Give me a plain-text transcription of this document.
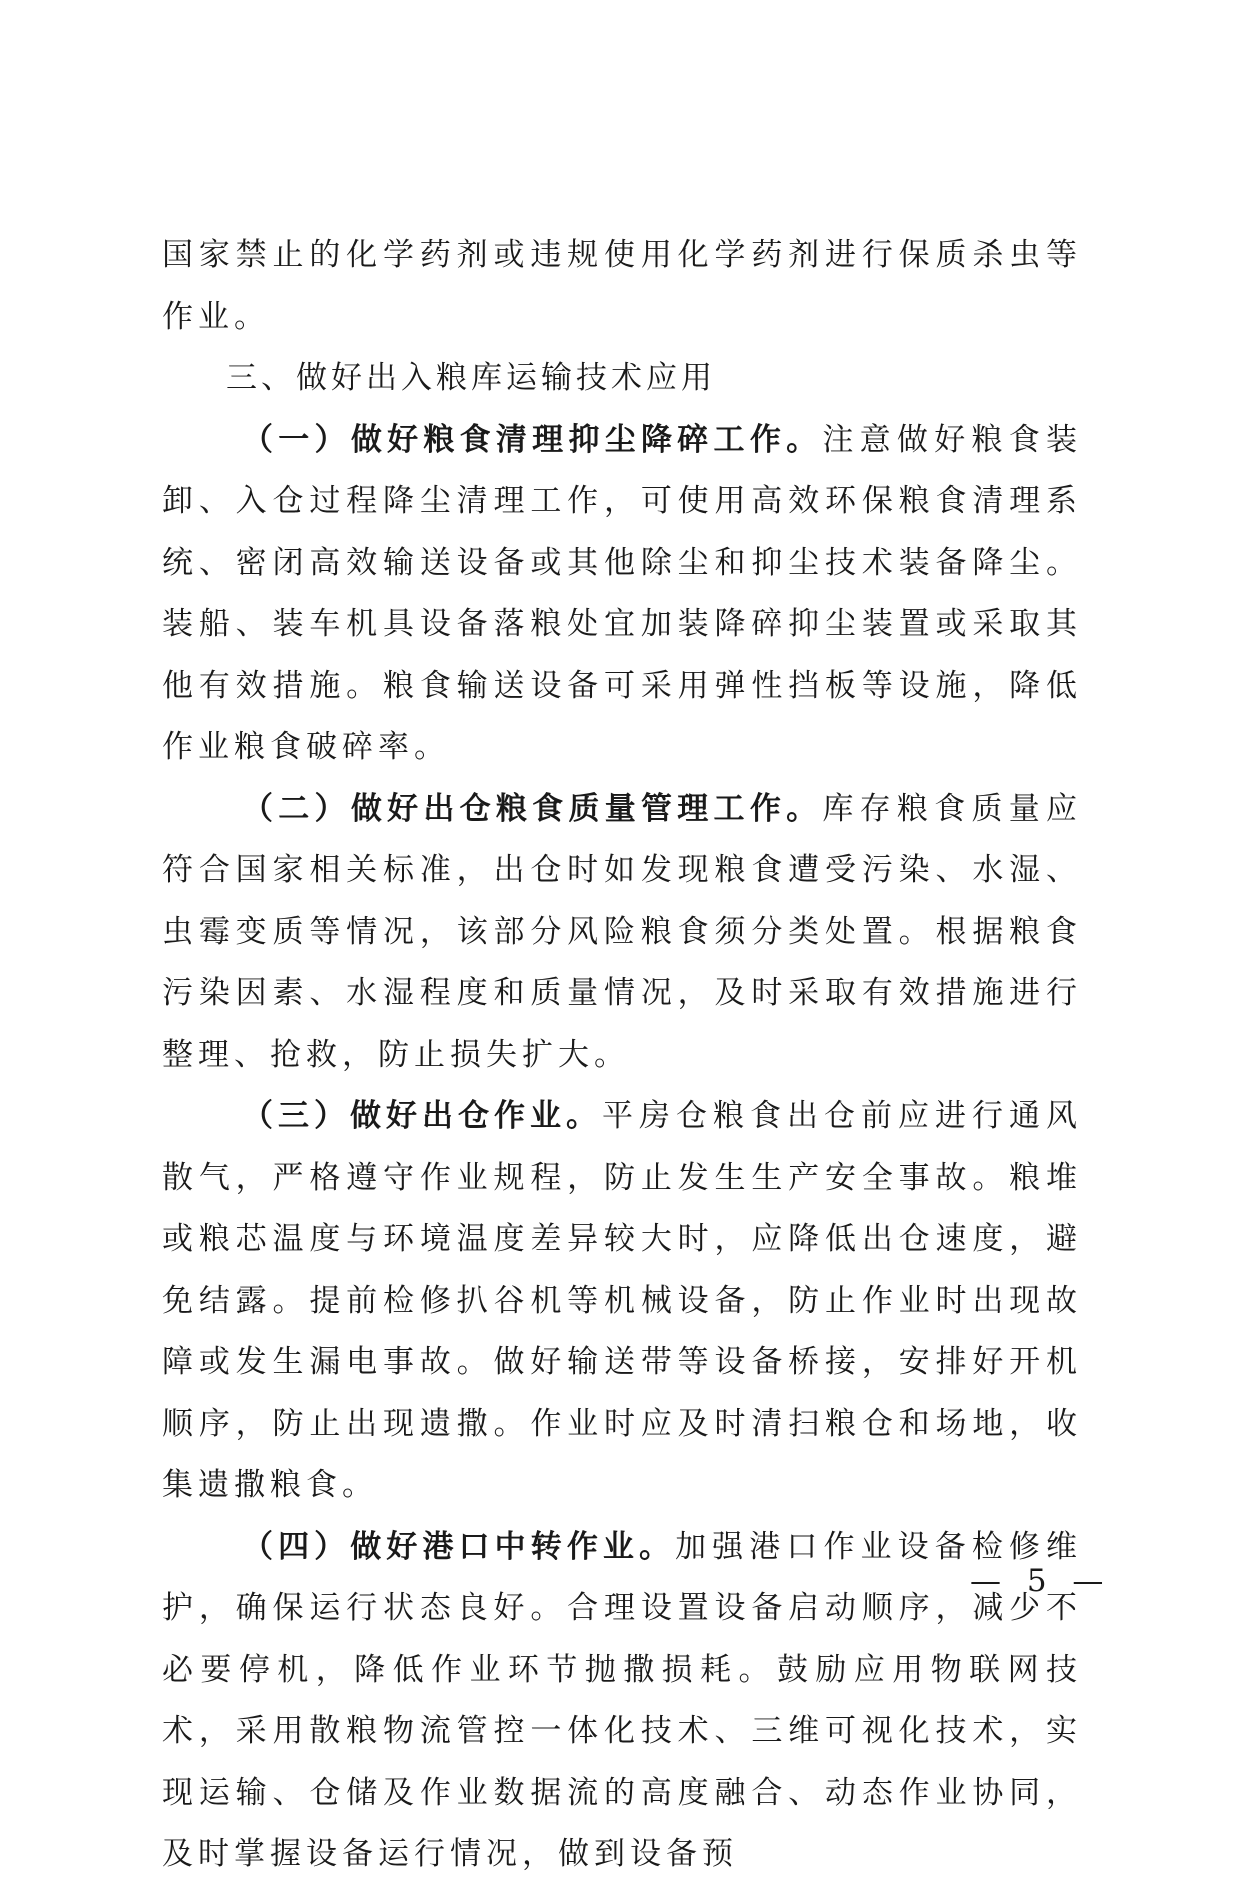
国家禁止的化学药剂或违规使用化学药剂进行保质杀虫等作业。

三、做好出入粮库运输技术应用

（一）做好粮食清理抑尘降碎工作。注意做好粮食装卸、入仓过程降尘清理工作，可使用高效环保粮食清理系统、密闭高效输送设备或其他除尘和抑尘技术装备降尘。装船、装车机具设备落粮处宜加装降碎抑尘装置或采取其他有效措施。粮食输送设备可采用弹性挡板等设施，降低作业粮食破碎率。

（二）做好出仓粮食质量管理工作。库存粮食质量应符合国家相关标准，出仓时如发现粮食遭受污染、水湿、虫霉变质等情况，该部分风险粮食须分类处置。根据粮食污染因素、水湿程度和质量情况，及时采取有效措施进行整理、抢救，防止损失扩大。

（三）做好出仓作业。平房仓粮食出仓前应进行通风散气，严格遵守作业规程，防止发生生产安全事故。粮堆或粮芯温度与环境温度差异较大时，应降低出仓速度，避免结露。提前检修扒谷机等机械设备，防止作业时出现故障或发生漏电事故。做好输送带等设备桥接，安排好开机顺序，防止出现遗撒。作业时应及时清扫粮仓和场地，收集遗撒粮食。

（四）做好港口中转作业。加强港口作业设备检修维护，确保运行状态良好。合理设置设备启动顺序，减少不必要停机，降低作业环节抛撒损耗。鼓励应用物联网技术，采用散粮物流管控一体化技术、三维可视化技术，实现运输、仓储及作业数据流的高度融合、动态作业协同，及时掌握设备运行情况，做到设备预

— 5 —
